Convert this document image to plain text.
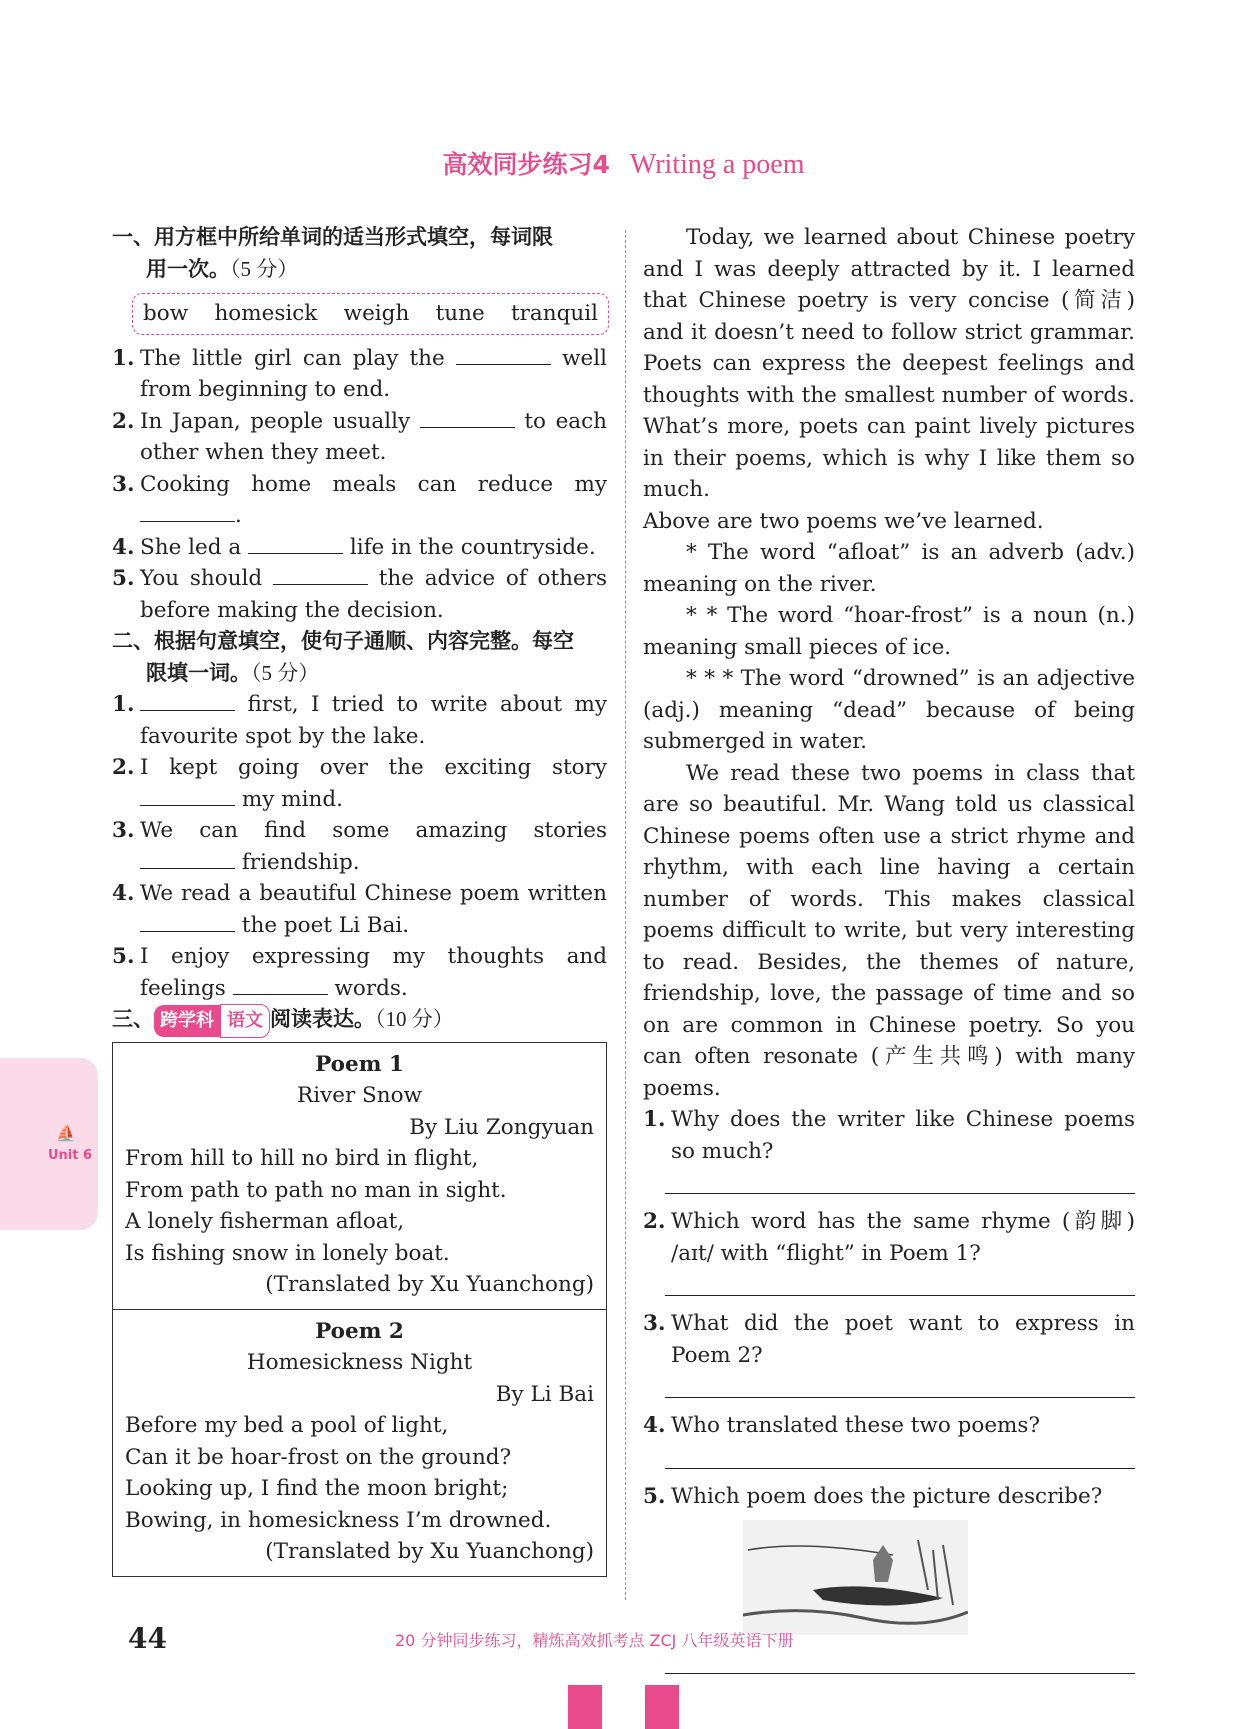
高效同步练习4 Writing a poem
一、用方框中所给单词的适当形式填空，每词限
用一次。（5 分）
bow homesick weigh tune tranquil
1. The little girl can play the	well from beginning to end.
2. In Japan, people usually	to each other when they meet.
3. Cooking home meals can reduce my .
4. She led a	life in the countryside.
5. You should	the advice of others before making the decision.
二、根据句意填空，使句子通顺、内容完整。每空
限填一词。（5 分）
1.	first, I tried to write about my favourite spot by the lake.
2. I kept going over the exciting story  my mind.
3. We can find some amazing stories  friendship.
4. We read a beautiful Chinese poem written  the poet Li Bai.
5. I enjoy expressing my thoughts and feelings	words.
三、 跨学科 语文 阅读表达。（10 分）
Poem 1
River Snow
By Liu Zongyuan
From hill to hill no bird in flight,
From path to path no man in sight.
A lonely fisherman afloat,
Is fishing snow in lonely boat.
(Translated by Xu Yuanchong)
Poem 2
Homesickness Night
By Li Bai
Before my bed a pool of light,
Can it be hoar-frost on the ground?
Looking up, I find the moon bright;
Bowing, in homesickness I’m drowned.
(Translated by Xu Yuanchong)
Today, we learned about Chinese poetry and I was deeply attracted by it. I learned that Chinese poetry is very concise (简洁) and it doesn’t need to follow strict grammar. Poets can express the deepest feelings and thoughts with the smallest number of words. What’s more, poets can paint lively pictures in their poems, which is why I like them so much.
Above are two poems we’ve learned.
* The word “afloat” is an adverb (adv.) meaning on the river.
* * The word “hoar-frost” is a noun (n.) meaning small pieces of ice.
* * * The word “drowned” is an adjective (adj.) meaning “dead” because of being submerged in water.
We read these two poems in class that are so beautiful. Mr. Wang told us classical Chinese poems often use a strict rhyme and rhythm, with each line having a certain number of words. This makes classical poems difficult to write, but very interesting to read. Besides, the themes of nature, friendship, love, the passage of time and so on are common in Chinese poetry. So you can often resonate (产生共鸣) with many poems.
1. Why does the writer like Chinese poems so much?
2. Which word has the same rhyme (韵脚) /aɪt/ with “flight” in Poem 1?
3. What did the poet want to express in Poem 2?
4. Who translated these two poems?
5. Which poem does the picture describe?
⛵
Unit 6
44	20 分钟同步练习，精炼高效抓考点 ZCJ 八年级英语下册
